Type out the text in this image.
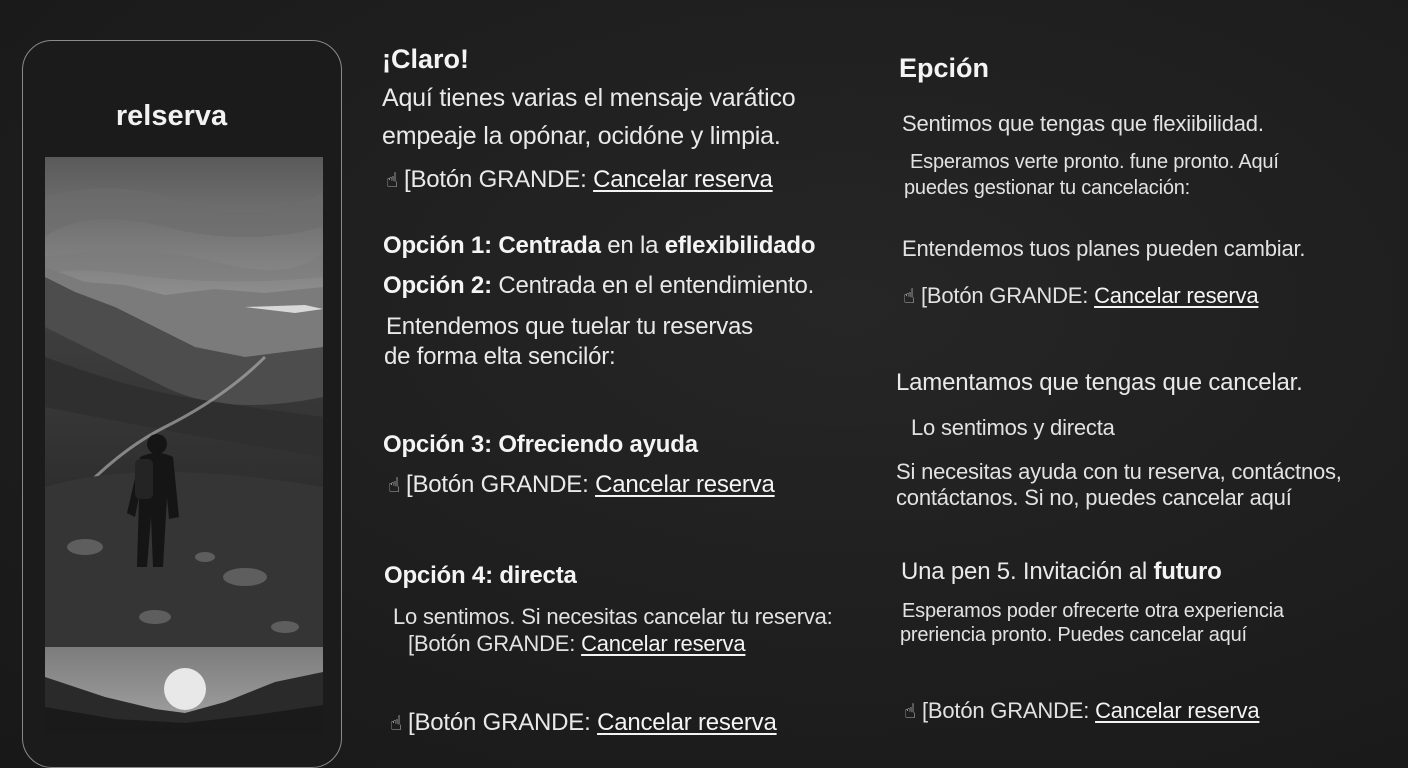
relserva
¡Claro!
Aquí tienes varias el mensaje varático
empeaje la opónar, ocidóne y limpia.
☝ [Botón GRANDE: Cancelar reserva
Opción 1: Centrada en la eflexibilidado
Opción 2: Centrada en el entendimiento.
Entendemos que tuelar tu reservas
de forma elta sencilór:
Opción 3: Ofreciendo ayuda
☝ [Botón GRANDE: Cancelar reserva
Opción 4: directa
Lo sentimos. Si necesitas cancelar tu reserva:
[Botón GRANDE: Cancelar reserva
☝ [Botón GRANDE: Cancelar reserva
Epción
Sentimos que tengas que flexiibilidad.
Esperamos verte pronto. fune pronto. Aquí
puedes gestionar tu cancelación:
Entendemos tuos planes pueden cambiar.
☝ [Botón GRANDE: Cancelar reserva
Lamentamos que tengas que cancelar.
Lo sentimos y directa
Si necesitas ayuda con tu reserva, contáctnos,
contáctanos. Si no, puedes cancelar aquí
Una pen 5. Invitación al futuro
Esperamos poder ofrecerte otra experiencia
preriencia pronto. Puedes cancelar aquí
☝ [Botón GRANDE: Cancelar reserva
